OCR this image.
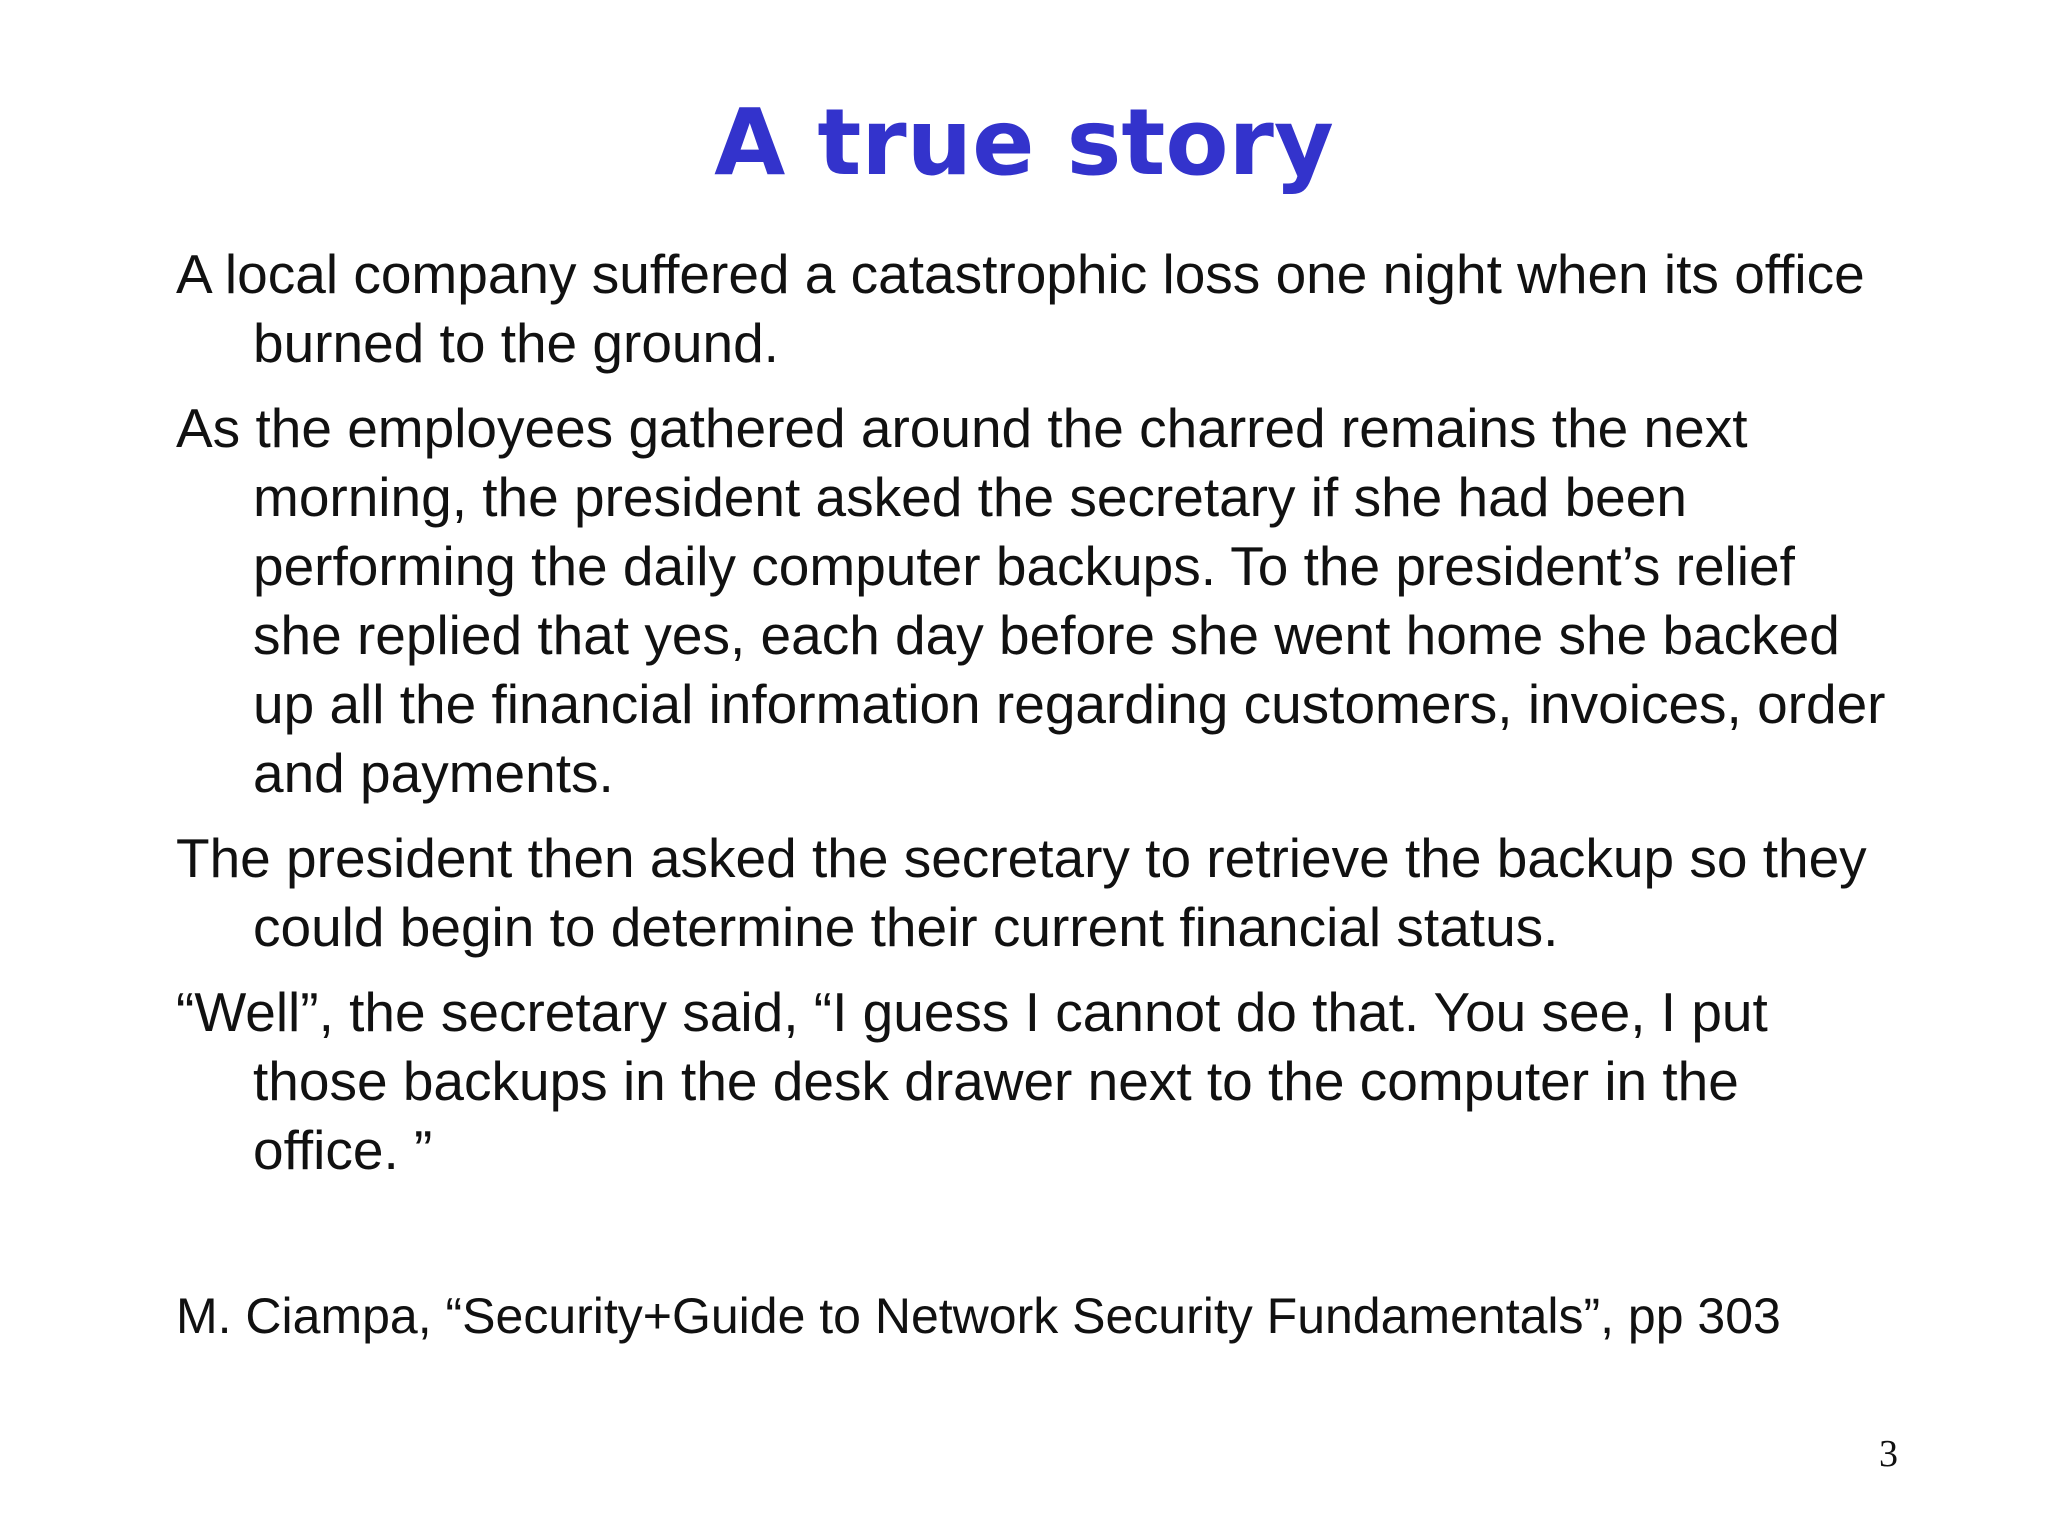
A true story

A local company suffered a catastrophic loss one night when its office burned to the ground.

As the employees gathered around the charred remains the next morning, the president asked the secretary if she had been performing the daily computer backups. To the president’s relief she replied that yes, each day before she went home she backed up all the financial information regarding customers, invoices, order and payments.

The president then asked the secretary to retrieve the backup so they could begin to determine their current financial status.

“Well”, the secretary said, “I guess I cannot do that. You see, I put those backups in the desk drawer next to the computer in the office. ”

M. Ciampa, “Security+Guide to Network Security Fundamentals”, pp 303
3
